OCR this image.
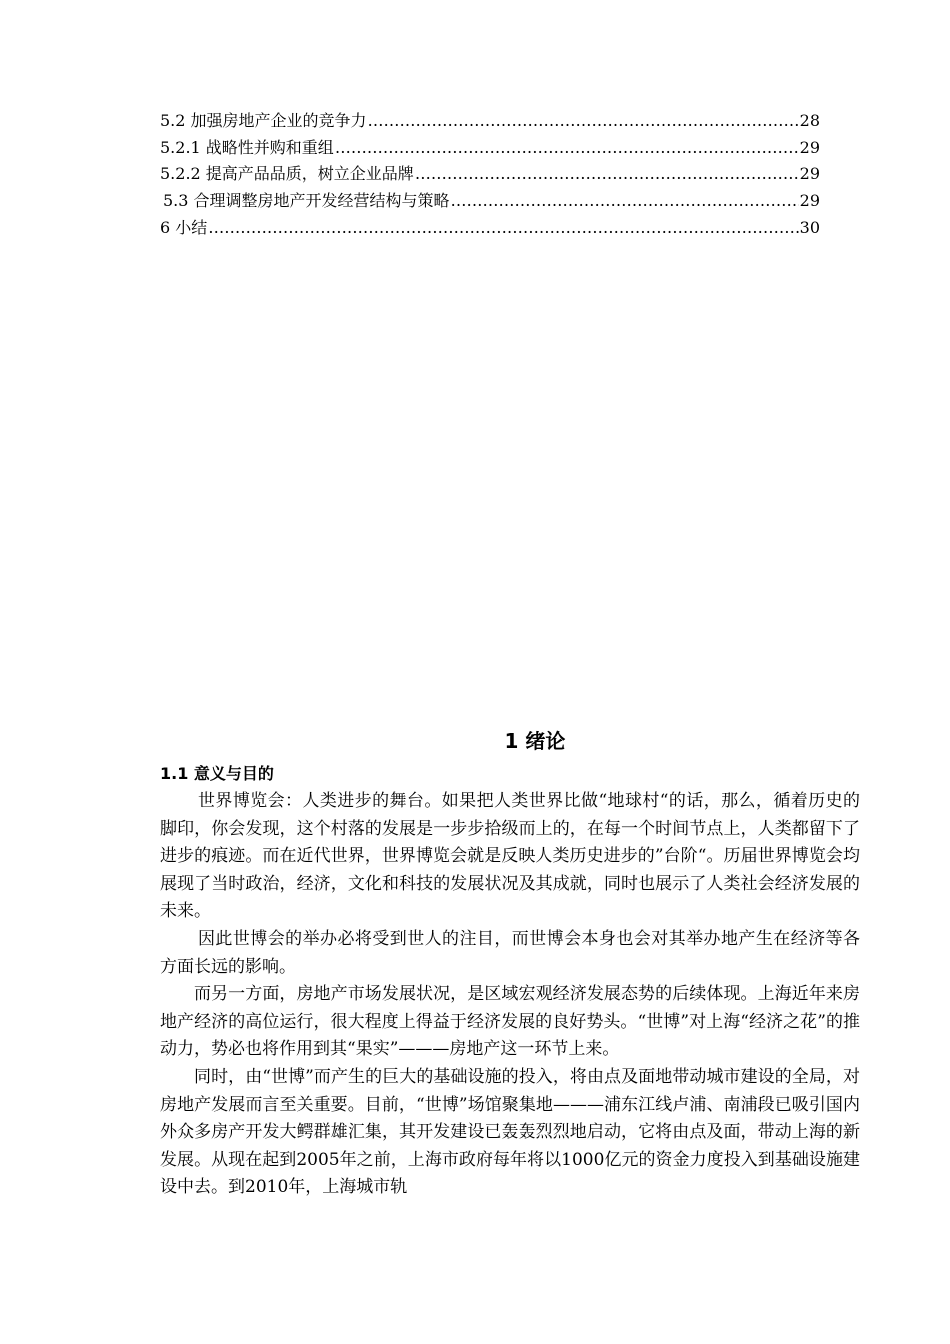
5.2 加强房地产企业的竞争力 ……………………………………………………………………………………………………………………………………	28
5.2.1 战略性并购和重组 ……………………………………………………………………………………………………………………………………	29
5.2.2 提高产品品质，树立企业品牌 ……………………………………………………………………………………………………………………………………	29
5.3 合理调整房地产开发经营结构与策略 ……………………………………………………………………………………………………………………………………	29
6 小结 ……………………………………………………………………………………………………………………………………	30
1 绪论
1.1 意义与目的

世界博览会：人类进步的舞台。如果把人类世界比做“地球村“的话，那么，循着历史的脚印，你会发现，这个村落的发展是一步步拾级而上的，在每一个时间节点上，人类都留下了进步的痕迹。而在近代世界，世界博览会就是反映人类历史进步的”台阶“。历届世界博览会均展现了当时政治，经济，文化和科技的发展状况及其成就，同时也展示了人类社会经济发展的未来。

因此世博会的举办必将受到世人的注目，而世博会本身也会对其举办地产生在经济等各方面长远的影响。

而另一方面，房地产市场发展状况，是区域宏观经济发展态势的后续体现。上海近年来房地产经济的高位运行，很大程度上得益于经济发展的良好势头。“世博”对上海“经济之花”的推动力，势必也将作用到其“果实”———房地产这一环节上来。

同时，由“世博”而产生的巨大的基础设施的投入，将由点及面地带动城市建设的全局，对房地产发展而言至关重要。目前，“世博”场馆聚集地———浦东江线卢浦、南浦段已吸引国内外众多房产开发大鳄群雄汇集，其开发建设已轰轰烈烈地启动，它将由点及面，带动上海的新发展。从现在起到2005年之前，上海市政府每年将以1000亿元的资金力度投入到基础设施建设中去。到2010年，上海城市轨
